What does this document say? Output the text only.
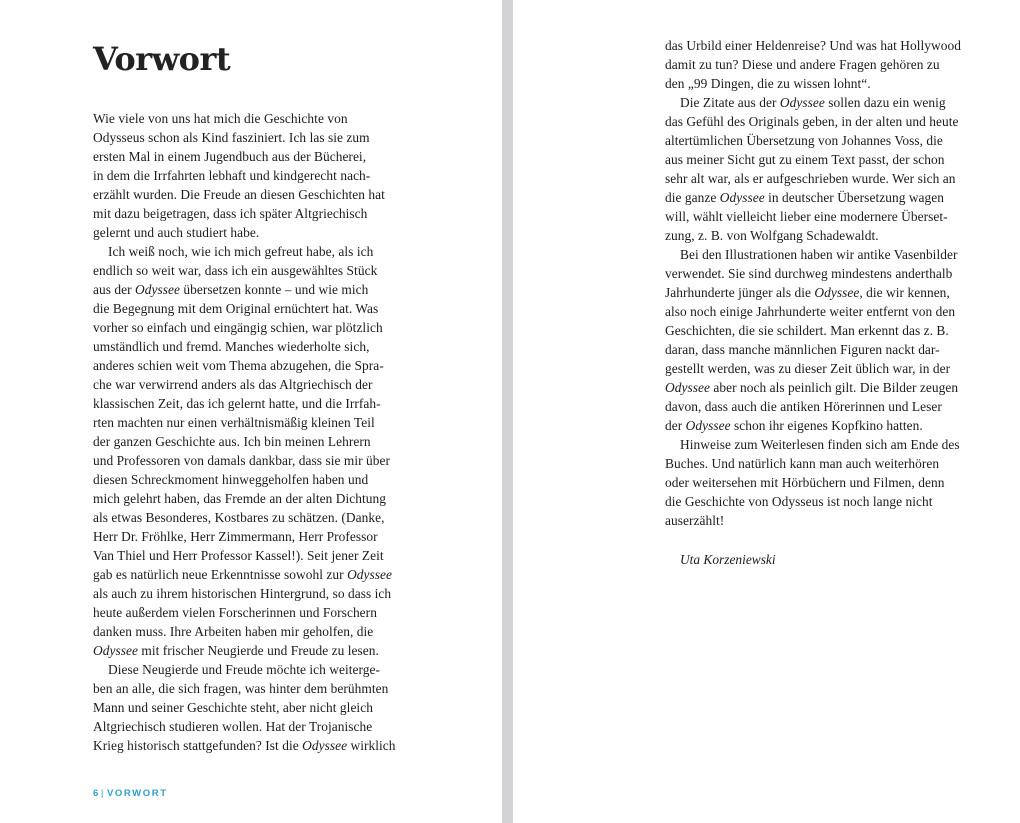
Vorwort
Wie viele von uns hat mich die Geschichte von
Odysseus schon als Kind fasziniert. Ich las sie zum
ersten Mal in einem Jugendbuch aus der Bücherei,
in dem die Irrfahrten lebhaft und kindgerecht nach-
erzählt wurden. Die Freude an diesen Geschichten hat
mit dazu beigetragen, dass ich später Altgriechisch
gelernt und auch studiert habe.
Ich weiß noch, wie ich mich gefreut habe, als ich
endlich so weit war, dass ich ein ausgewähltes Stück
aus der Odyssee übersetzen konnte – und wie mich
die Begegnung mit dem Original ernüchtert hat. Was
vorher so einfach und eingängig schien, war plötzlich
umständlich und fremd. Manches wiederholte sich,
anderes schien weit vom Thema abzugehen, die Spra-
che war verwirrend anders als das Altgriechisch der
klassischen Zeit, das ich gelernt hatte, und die Irrfah-
rten machten nur einen verhältnismäßig kleinen Teil
der ganzen Geschichte aus. Ich bin meinen Lehrern
und Professoren von damals dankbar, dass sie mir über
diesen Schreckmoment hinweggeholfen haben und
mich gelehrt haben, das Fremde an der alten Dichtung
als etwas Besonderes, Kostbares zu schätzen. (Danke,
Herr Dr. Fröhlke, Herr Zimmermann, Herr Professor
Van Thiel und Herr Professor Kassel!). Seit jener Zeit
gab es natürlich neue Erkenntnisse sowohl zur Odyssee
als auch zu ihrem historischen Hintergrund, so dass ich
heute außerdem vielen Forscherinnen und Forschern
danken muss. Ihre Arbeiten haben mir geholfen, die
Odyssee mit frischer Neugierde und Freude zu lesen.
Diese Neugierde und Freude möchte ich weiterge-
ben an alle, die sich fragen, was hinter dem berühmten
Mann und seiner Geschichte steht, aber nicht gleich
Altgriechisch studieren wollen. Hat der Trojanische
Krieg historisch stattgefunden? Ist die Odyssee wirklich
6| VORWORT
das Urbild einer Heldenreise? Und was hat Hollywood
damit zu tun? Diese und andere Fragen gehören zu
den „99 Dingen, die zu wissen lohnt“.
Die Zitate aus der Odyssee sollen dazu ein wenig
das Gefühl des Originals geben, in der alten und heute
altertümlichen Übersetzung von Johannes Voss, die
aus meiner Sicht gut zu einem Text passt, der schon
sehr alt war, als er aufgeschrieben wurde. Wer sich an
die ganze Odyssee in deutscher Übersetzung wagen
will, wählt vielleicht lieber eine modernere Überset-
zung, z. B. von Wolfgang Schadewaldt.
Bei den Illustrationen haben wir antike Vasenbilder
verwendet. Sie sind durchweg mindestens anderthalb
Jahrhunderte jünger als die Odyssee, die wir kennen,
also noch einige Jahrhunderte weiter entfernt von den
Geschichten, die sie schildert. Man erkennt das z. B.
daran, dass manche männlichen Figuren nackt dar-
gestellt werden, was zu dieser Zeit üblich war, in der
Odyssee aber noch als peinlich gilt. Die Bilder zeugen
davon, dass auch die antiken Hörerinnen und Leser
der Odyssee schon ihr eigenes Kopfkino hatten.
Hinweise zum Weiterlesen finden sich am Ende des
Buches. Und natürlich kann man auch weiterhören
oder weitersehen mit Hörbüchern und Filmen, denn
die Geschichte von Odysseus ist noch lange nicht
auserzählt!
Uta Korzeniewski
